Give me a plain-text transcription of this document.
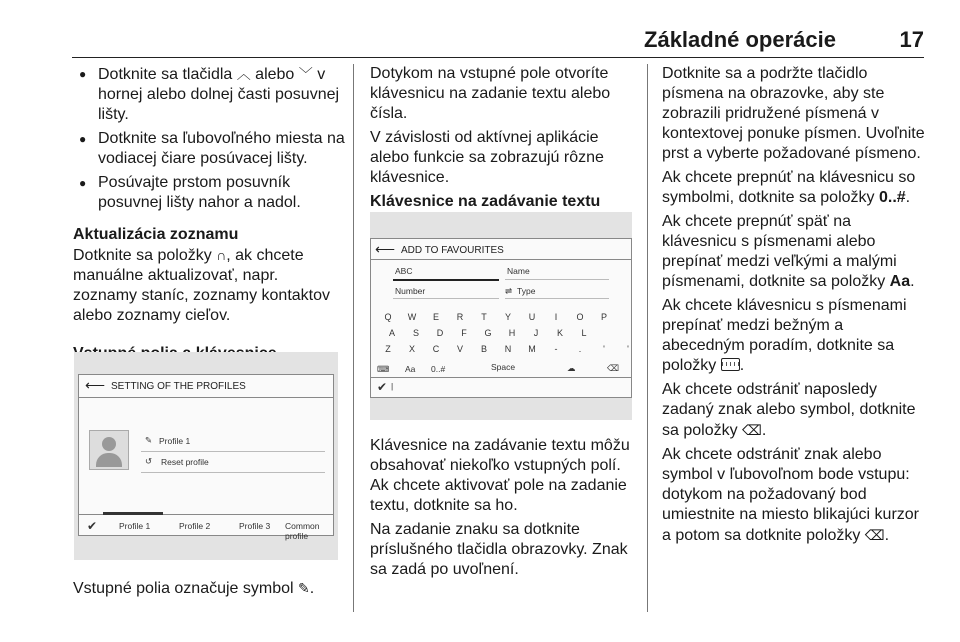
Základné operácie	17
● Dotknite sa tlačidla ︿ alebo ﹀ v hornej alebo dolnej časti posuvnej lišty.
● Dotknite sa ľubovoľného miesta na vodiacej čiare posúvacej lišty.
● Posúvajte prstom posuvník posuvnej lišty nahor a nadol.
Aktualizácia zoznamu
Dotknite sa položky ∩, ak chcete manuálne aktualizovať, napr. zoznamy staníc, zoznamy kontaktov alebo zoznamy cieľov.
⟵ SETTING OF THE PROFILES
✎ Profile 1
↺ Reset profile
✔	Profile 1	Profile 2	Profile 3 Common profile
Vstupné polia označuje symbol ✎.

Dotykom na vstupné pole otvoríte klávesnicu na zadanie textu alebo čísla.

V závislosti od aktívnej aplikácie alebo funkcie sa zobrazujú rôzne klávesnice.

Klávesnice na zadávanie textu

⟵ ADD TO FAVOURITES
ABC	Name
Number	⇌ Type
Q	W	E	R	T	Y	U	I	O	P
A	S	D	F	G	H	J	K	L
Z	X	C	V	B	N	M	-	.	'	'
⌨ Aa 0..#	Space	☁	⌫
✔ |

Klávesnice na zadávanie textu môžu obsahovať niekoľko vstupných polí. Ak chcete aktivovať pole na zadanie textu, dotknite sa ho.

Na zadanie znaku sa dotknite príslušného tlačidla obrazovky. Znak sa zadá po uvoľnení.

Dotknite sa a podržte tlačidlo písmena na obrazovke, aby ste zobrazili pridružené písmená v kontextovej ponuke písmen. Uvoľnite prst a vyberte požadované písmeno.

Ak chcete prepnúť na klávesnicu so symbolmi, dotknite sa položky 0..#.

Ak chcete prepnúť späť na klávesnicu s písmenami alebo prepínať medzi veľkými a malými písmenami, dotknite sa položky Aa.

Ak chcete klávesnicu s písmenami prepínať medzi bežným a abecedným poradím, dotknite sa položky .

Ak chcete odstrániť naposledy zadaný znak alebo symbol, dotknite sa položky ⌫.

Ak chcete odstrániť znak alebo symbol v ľubovoľnom bode vstupu: dotykom na požadovaný bod umiestnite na miesto blikajúci kurzor a potom sa dotknite položky ⌫.
